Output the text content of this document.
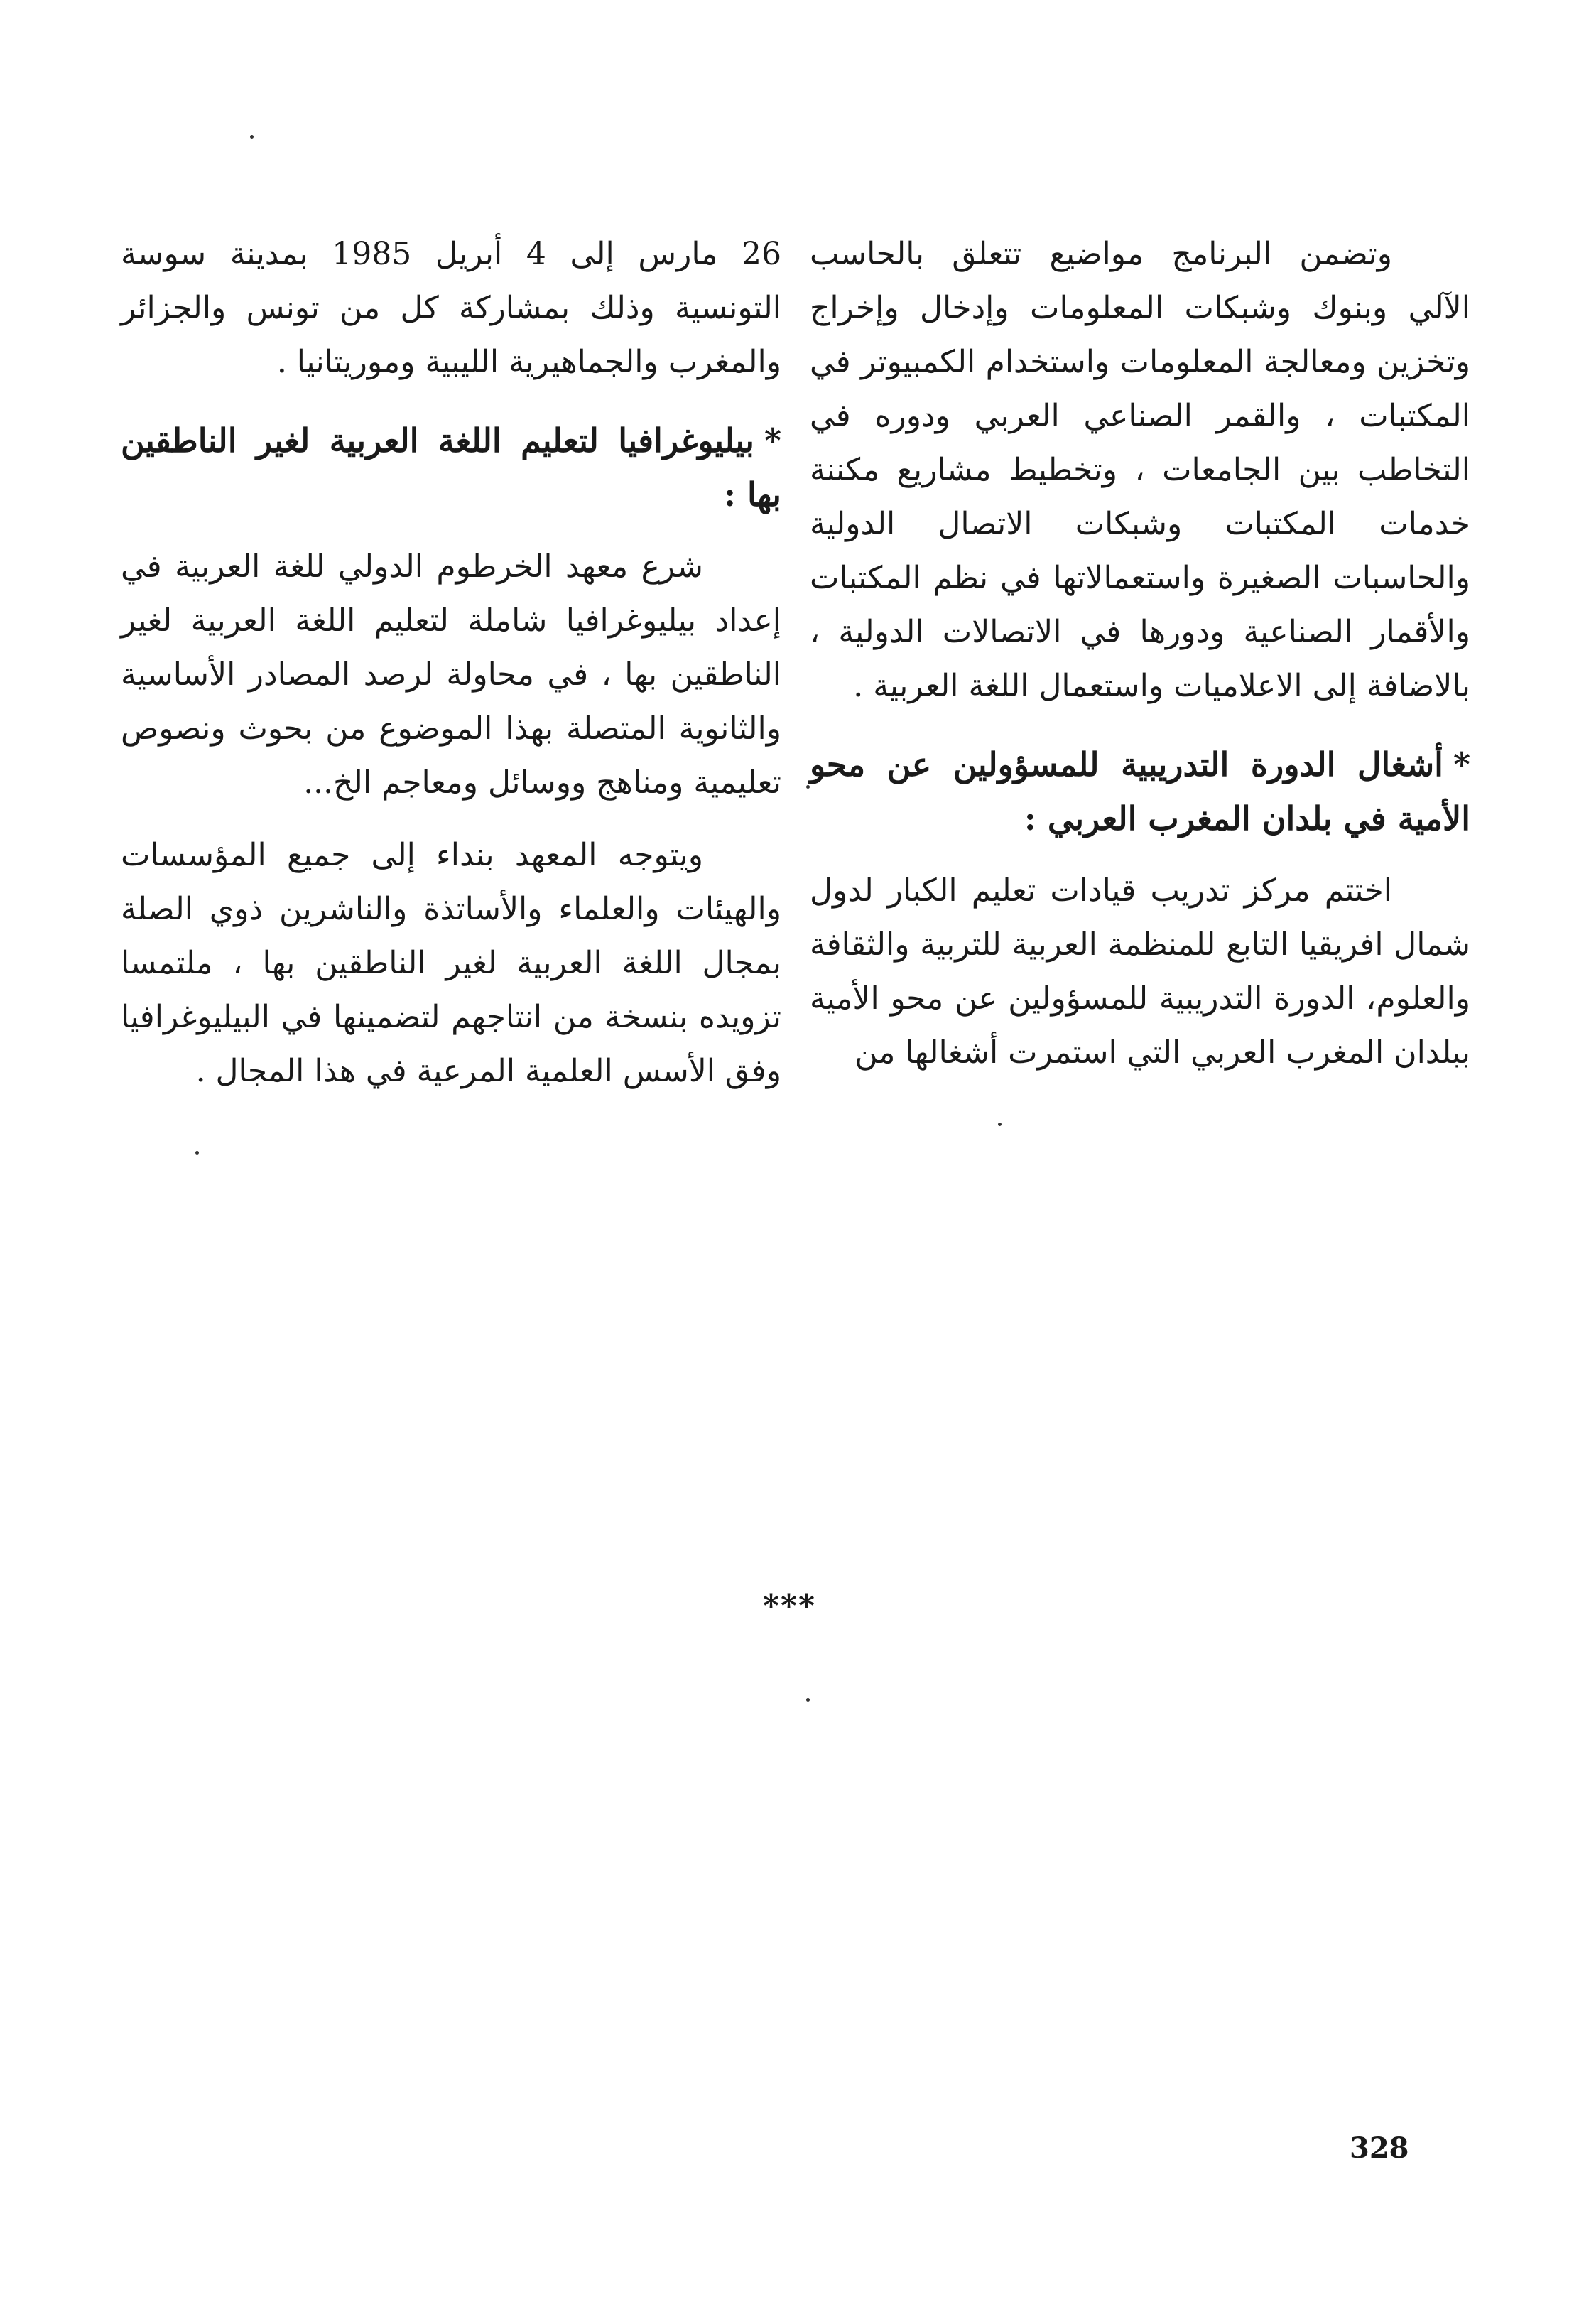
وتضمن البرنامج مواضيع تتعلق بالحاسب الآلي وبنوك وشبكات المعلومات وإدخال وإخراج وتخزين ومعالجة المعلومات واستخدام الكمبيوتر في المكتبات ، والقمر الصناعي العربي ودوره في التخاطب بين الجامعات ، وتخطيط مشاريع مكننة خدمات المكتبات وشبكات الاتصال الدولية والحاسبات الصغيرة واستعمالاتها في نظم المكتبات والأقمار الصناعية ودورها في الاتصالات الدولية ، بالاضافة إلى الاعلاميات واستعمال اللغة العربية .

*أشغال الدورة التدريبية للمسؤولين عن محو الأمية في بلدان المغرب العربي :

اختتم مركز تدريب قيادات تعليم الكبار لدول شمال افريقيا التابع للمنظمة العربية للتربية والثقافة والعلوم، الدورة التدريبية للمسؤولين عن محو الأمية ببلدان المغرب العربي التي استمرت أشغالها من

26 مارس إلى 4 أبريل 1985 بمدينة سوسة التونسية وذلك بمشاركة كل من تونس والجزائر والمغرب والجماهيرية الليبية وموريتانيا .

*بيليوغرافيا لتعليم اللغة العربية لغير الناطقين بها :

شرع معهد الخرطوم الدولي للغة العربية في إعداد بيليوغرافيا شاملة لتعليم اللغة العربية لغير الناطقين بها ، في محاولة لرصد المصادر الأساسية والثانوية المتصلة بهذا الموضوع من بحوث ونصوص تعليمية ومناهج ووسائل ومعاجم الخ...

ويتوجه المعهد بنداء إلى جميع المؤسسات والهيئات والعلماء والأساتذة والناشرين ذوي الصلة بمجال اللغة العربية لغير الناطقين بها ، ملتمسا تزويده بنسخة من انتاجهم لتضمينها في البيليوغرافيا وفق الأسس العلمية المرعية في هذا المجال .

***
328
